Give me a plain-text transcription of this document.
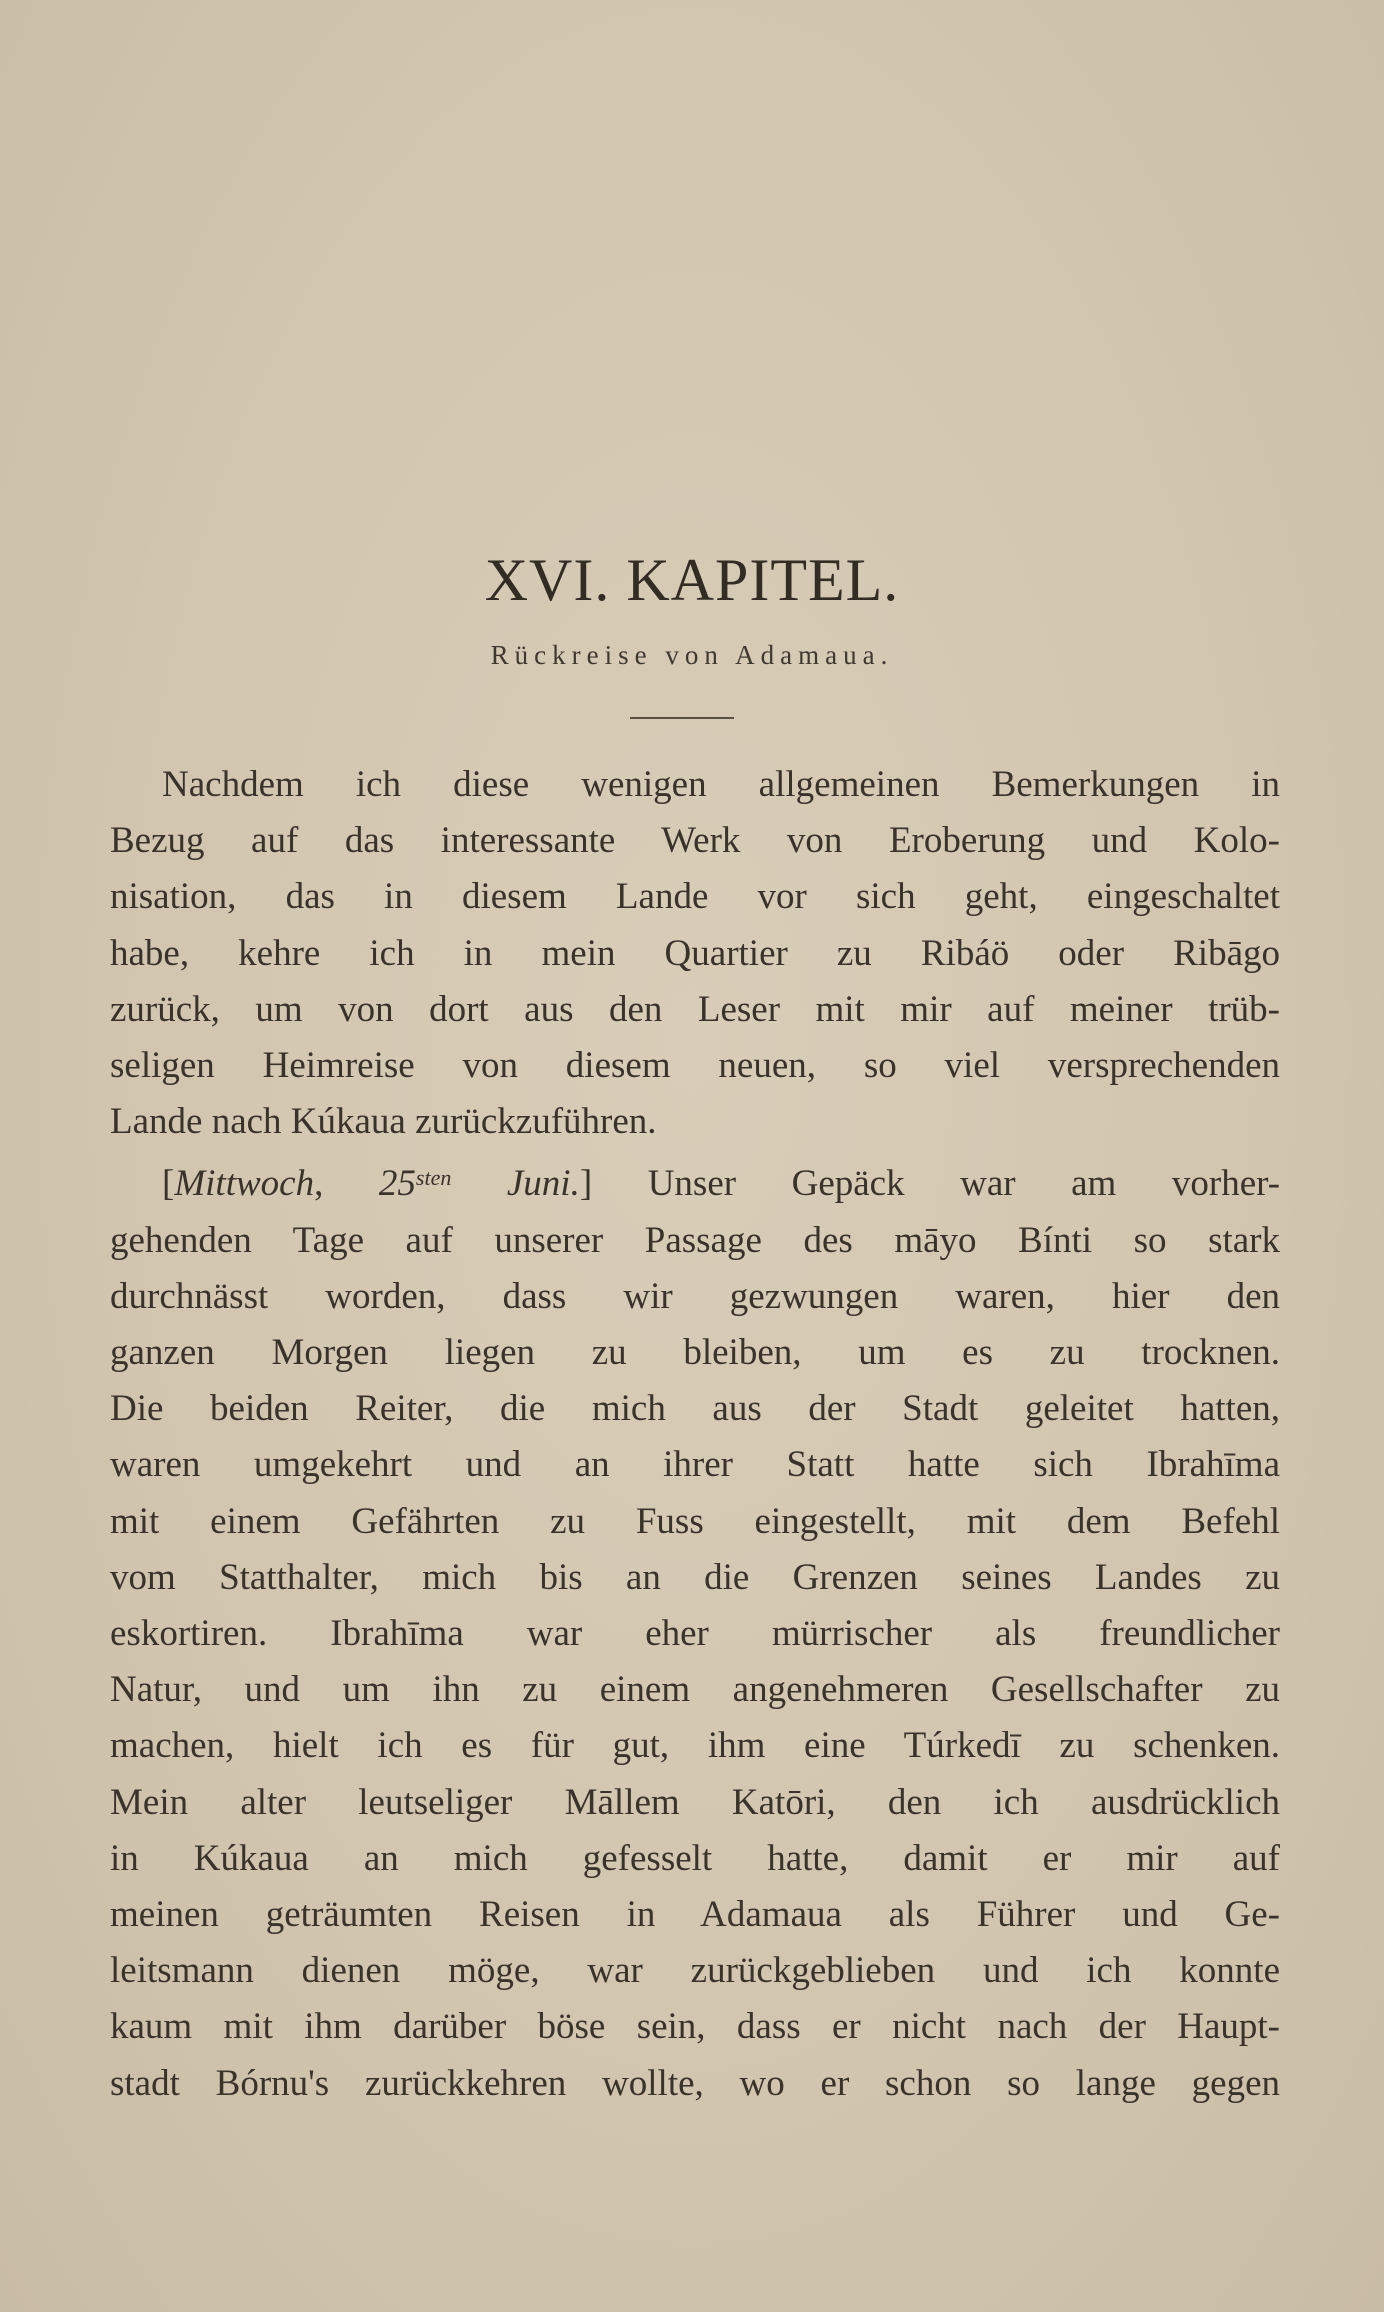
XVI. KAPITEL.
Rückreise von Adamaua.
Nachdem ich diese wenigen allgemeinen Bemerkungen in
Bezug auf das interessante Werk von Eroberung und Kolo-
nisation, das in diesem Lande vor sich geht, eingeschaltet
habe, kehre ich in mein Quartier zu Ribáö oder Ribāgo
zurück, um von dort aus den Leser mit mir auf meiner trüb-
seligen Heimreise von diesem neuen, so viel versprechenden
Lande nach Kúkaua zurückzuführen.
[Mittwoch, $25^{sten}$ Juni.] Unser Gepäck war am vorher-
gehenden Tage auf unserer Passage des māyo Bínti so stark
durchnässt worden, dass wir gezwungen waren, hier den
ganzen Morgen liegen zu bleiben, um es zu trocknen.
Die beiden Reiter, die mich aus der Stadt geleitet hatten,
waren umgekehrt und an ihrer Statt hatte sich Ibrahīma
mit einem Gefährten zu Fuss eingestellt, mit dem Befehl
vom Statthalter, mich bis an die Grenzen seines Landes zu
eskortiren. Ibrahīma war eher mürrischer als freundlicher
Natur, und um ihn zu einem angenehmeren Gesellschafter zu
machen, hielt ich es für gut, ihm eine Túrkedī zu schenken.
Mein alter leutseliger Māllem Katōri, den ich ausdrücklich
in Kúkaua an mich gefesselt hatte, damit er mir auf
meinen geträumten Reisen in Adamaua als Führer und Ge-
leitsmann dienen möge, war zurückgeblieben und ich konnte
kaum mit ihm darüber böse sein, dass er nicht nach der Haupt-
stadt Bórnu's zurückkehren wollte, wo er schon so lange gegen
